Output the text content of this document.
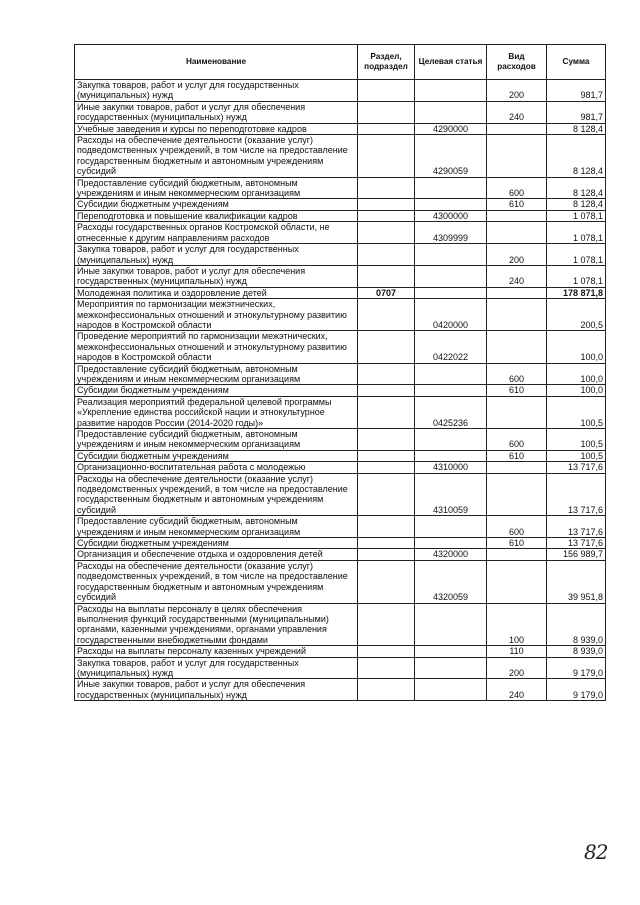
Наименование	Раздел, подраздел	Целевая статья	Вид расходов	Сумма
Закупка товаров, работ и услуг для государственных (муниципальных) нужд			200	981,7
Иные закупки товаров, работ и услуг для обеспечения государственных (муниципальных) нужд			240	981,7
Учебные заведения и курсы по переподготовке кадров		4290000		8 128,4
Расходы на обеспечение деятельности (оказание услуг) подведомственных учреждений, в том числе на предоставление государственным бюджетным и автономным учреждениям субсидий		4290059		8 128,4
Предоставление субсидий бюджетным, автономным учреждениям и иным некоммерческим организациям			600	8 128,4
Субсидии бюджетным учреждениям			610	8 128,4
Переподготовка и повышение квалификации кадров		4300000		1 078,1
Расходы государственных органов Костромской области, не отнесенные к другим направлениям расходов		4309999		1 078,1
Закупка товаров, работ и услуг для государственных (муниципальных) нужд			200	1 078,1
Иные закупки товаров, работ и услуг для обеспечения государственных (муниципальных) нужд			240	1 078,1
Молодежная политика и оздоровление детей	0707			178 871,8
Мероприятия по гармонизации межэтнических, межконфессиональных отношений и этнокультурному развитию народов в Костромской области		0420000		200,5
Проведение мероприятий по гармонизации межэтнических, межконфессиональных отношений и этнокультурному развитию народов в Костромской области		0422022		100,0
Предоставление субсидий бюджетным, автономным учреждениям и иным некоммерческим организациям			600	100,0
Субсидии бюджетным учреждениям			610	100,0
Реализация мероприятий федеральной целевой программы «Укрепление единства российской нации и этнокультурное развитие народов России (2014-2020 годы)»		0425236		100,5
Предоставление субсидий бюджетным, автономным учреждениям и иным некоммерческим организациям			600	100,5
Субсидии бюджетным учреждениям			610	100,5
Организационно-воспитательная работа с молодежью		4310000		13 717,6
Расходы на обеспечение деятельности (оказание услуг) подведомственных учреждений, в том числе на предоставление государственным бюджетным и автономным учреждениям субсидий		4310059		13 717,6
Предоставление субсидий бюджетным, автономным учреждениям и иным некоммерческим организациям			600	13 717,6
Субсидии бюджетным учреждениям			610	13 717,6
Организация и обеспечение отдыха и оздоровления детей		4320000		156 989,7
Расходы на обеспечение деятельности (оказание услуг) подведомственных учреждений, в том числе на предоставление государственным бюджетным и автономным учреждениям субсидий		4320059		39 951,8
Расходы на выплаты персоналу в целях обеспечения выполнения функций государственными (муниципальными) органами, казенными учреждениями, органами управления государственными внебюджетными фондами			100	8 939,0
Расходы на выплаты персоналу казенных учреждений			110	8 939,0
Закупка товаров, работ и услуг для государственных (муниципальных) нужд			200	9 179,0
Иные закупки товаров, работ и услуг для обеспечения государственных (муниципальных) нужд			240	9 179,0
82
